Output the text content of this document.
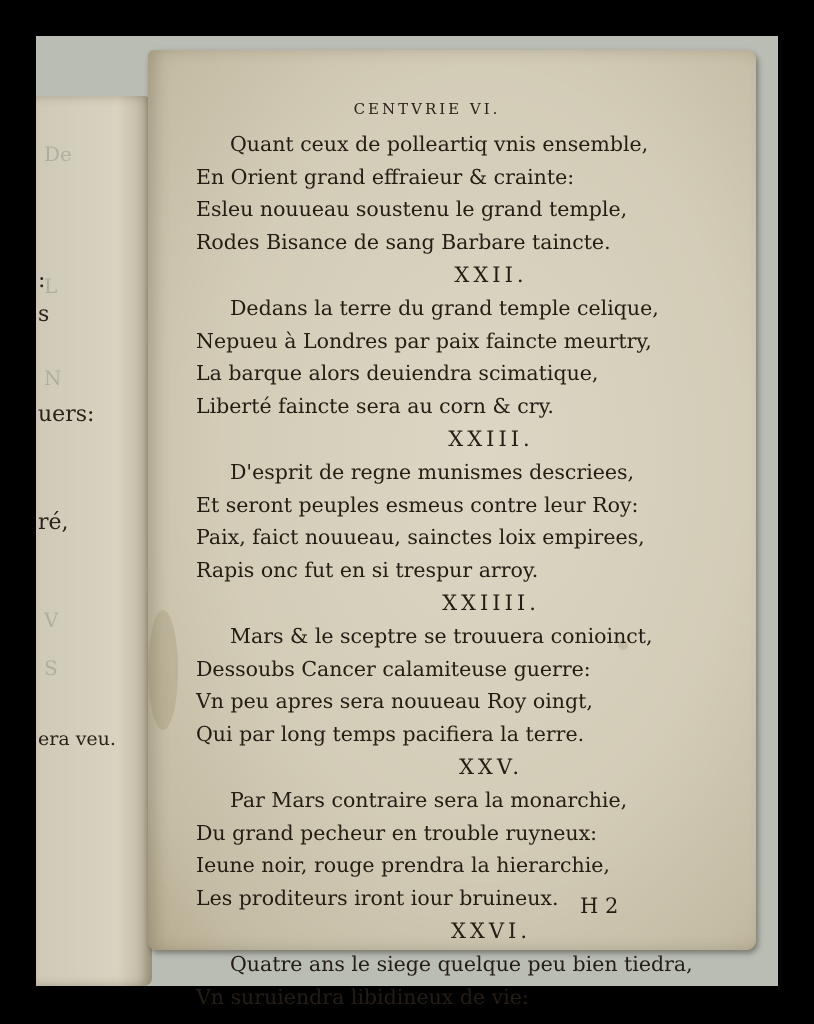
De
L
N
V
S
:
s
uers:
ré,
era veu.
CENTVRIE VI.
Quant ceux de polleartiq vnis ensemble,
En Orient grand effraieur & crainte:
Esleu nouueau soustenu le grand temple,
Rodes Bisance de sang Barbare taincte.
XXII.
Dedans la terre du grand temple celique,
Nepueu à Londres par paix faincte meurtry,
La barque alors deuiendra scimatique,
Liberté faincte sera au corn & cry.
XXIII.
D'esprit de regne munismes descriees,
Et seront peuples esmeus contre leur Roy:
Paix, faict nouueau, sainctes loix empirees,
Rapis onc fut en si trespur arroy.
XXIIII.
Mars & le sceptre se trouuera conioinct,
Dessoubs Cancer calamiteuse guerre:
Vn peu apres sera nouueau Roy oingt,
Qui par long temps pacifiera la terre.
XXV.
Par Mars contraire sera la monarchie,
Du grand pecheur en trouble ruyneux:
Ieune noir, rouge prendra la hierarchie,
Les proditeurs iront iour bruineux.
XXVI.
Quatre ans le siege quelque peu bien tiedra,
Vn suruiendra libidineux de vie:
H 2
